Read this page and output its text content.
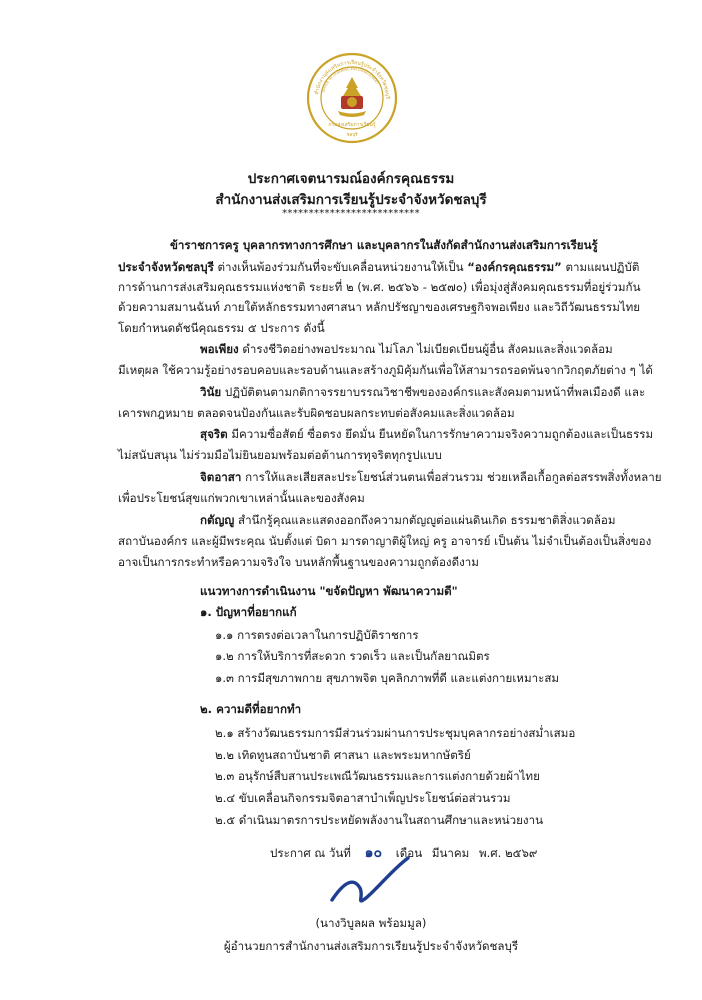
สำนักงานส่งเสริมการเรียนรู้ประจำจังหวัดชลบุรี
OFFICE OF LEARNING ENCOURAGEMENT
กรมส่งเสริมการเรียนรู้
ชลบุรี
ประกาศเจตนารมณ์องค์กรคุณธรรม
สำนักงานส่งเสริมการเรียนรู้ประจำจังหวัดชลบุรี
**************************
ข้าราชการครู บุคลากรทางการศึกษา และบุคลากรในสังกัดสำนักงานส่งเสริมการเรียนรู้
ประจำจังหวัดชลบุรี ต่างเห็นพ้องร่วมกันที่จะขับเคลื่อนหน่วยงานให้เป็น “องค์กรคุณธรรม” ตามแผนปฏิบัติ
การด้านการส่งเสริมคุณธรรมแห่งชาติ ระยะที่ ๒ (พ.ศ. ๒๕๖๖ - ๒๕๗๐) เพื่อมุ่งสู่สังคมคุณธรรมที่อยู่ร่วมกัน
ด้วยความสมานฉันท์ ภายใต้หลักธรรมทางศาสนา หลักปรัชญาของเศรษฐกิจพอเพียง และวิถีวัฒนธรรมไทย
โดยกำหนดดัชนีคุณธรรม ๕ ประการ ดังนี้
พอเพียง ดำรงชีวิตอย่างพอประมาณ ไม่โลภ ไม่เบียดเบียนผู้อื่น สังคมและสิ่งแวดล้อม
มีเหตุผล ใช้ความรู้อย่างรอบคอบและรอบด้านและสร้างภูมิคุ้มกันเพื่อให้สามารถรอดพ้นจากวิกฤตภัยต่าง ๆ ได้
วินัย ปฏิบัติตนตามกติกาจรรยาบรรณวิชาชีพขององค์กรและสังคมตามหน้าที่พลเมืองดี และ
เคารพกฎหมาย ตลอดจนป้องกันและรับผิดชอบผลกระทบต่อสังคมและสิ่งแวดล้อม
สุจริต มีความซื่อสัตย์ ซื่อตรง ยึดมั่น ยืนหยัดในการรักษาความจริงความถูกต้องและเป็นธรรม
ไม่สนับสนุน ไม่ร่วมมือไม่ยินยอมพร้อมต่อต้านการทุจริตทุกรูปแบบ
จิตอาสา การให้และเสียสละประโยชน์ส่วนตนเพื่อส่วนรวม ช่วยเหลือเกื้อกูลต่อสรรพสิ่งทั้งหลาย
เพื่อประโยชน์สุขแก่พวกเขาเหล่านั้นและของสังคม
กตัญญู สำนึกรู้คุณและแสดงออกถึงความกตัญญูต่อแผ่นดินเกิด ธรรมชาติสิ่งแวดล้อม
สถาบันองค์กร และผู้มีพระคุณ นับตั้งแต่ บิดา มารดาญาติผู้ใหญ่ ครู อาจารย์ เป็นต้น ไม่จำเป็นต้องเป็นสิ่งของ
อาจเป็นการกระทำหรือความจริงใจ บนหลักพื้นฐานของความถูกต้องดีงาม
แนวทางการดำเนินงาน "ขจัดปัญหา พัฒนาความดี"
๑. ปัญหาที่อยากแก้
๑.๑ การตรงต่อเวลาในการปฏิบัติราชการ
๑.๒ การให้บริการที่สะดวก รวดเร็ว และเป็นกัลยาณมิตร
๑.๓ การมีสุขภาพกาย สุขภาพจิต บุคลิกภาพที่ดี และแต่งกายเหมาะสม
๒. ความดีที่อยากทำ
๒.๑ สร้างวัฒนธรรมการมีส่วนร่วมผ่านการประชุมบุคลากรอย่างสม่ำเสมอ
๒.๒ เทิดทูนสถาบันชาติ ศาสนา และพระมหากษัตริย์
๒.๓ อนุรักษ์สืบสานประเพณีวัฒนธรรมและการแต่งกายด้วยผ้าไทย
๒.๔ ขับเคลื่อนกิจกรรมจิตอาสาบำเพ็ญประโยชน์ต่อส่วนรวม
๒.๕ ดำเนินมาตรการประหยัดพลังงานในสถานศึกษาและหน่วยงาน
ประกาศ ณ วันที่ ๑๐ เดือน มีนาคม พ.ศ. ๒๕๖๙
(นางวิบูลผล พร้อมมูล)
ผู้อำนวยการสำนักงานส่งเสริมการเรียนรู้ประจำจังหวัดชลบุรี
